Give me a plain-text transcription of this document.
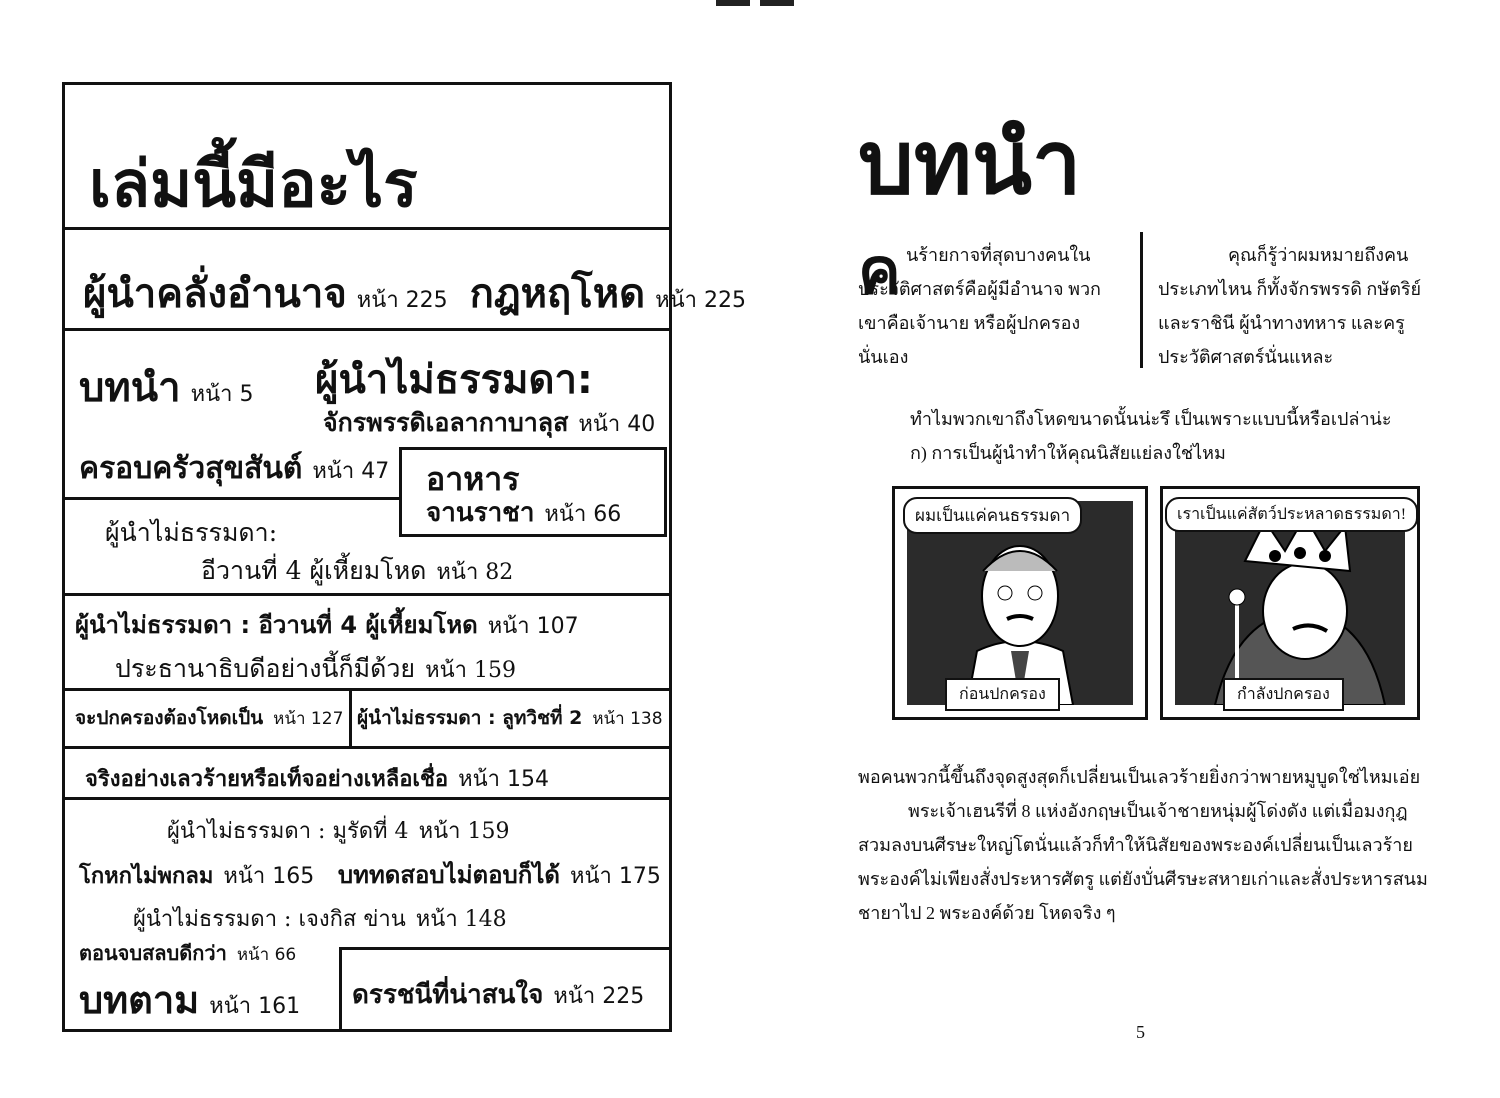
เล่มนี้มีอะไร
ผู้นำคลั่งอำนาจ หน้า 225 กฎหฤโหด หน้า 225
บทนำ หน้า 5 ผู้นำไม่ธรรมดา:
จักรพรรดิเอลากาบาลุส หน้า 40
ครอบครัวสุขสันต์ หน้า 47 อาหาร
จานราชา หน้า 66
ผู้นำไม่ธรรมดา:
อีวานที่ 4 ผู้เหี้ยมโหด หน้า 82
ผู้นำไม่ธรรมดา : อีวานที่ 4 ผู้เหี้ยมโหด หน้า 107
ประธานาธิบดีอย่างนี้ก็มีด้วย หน้า 159
จะปกครองต้องโหดเป็น หน้า 127 ผู้นำไม่ธรรมดา : ลูทวิชที่ 2 หน้า 138
จริงอย่างเลวร้ายหรือเท็จอย่างเหลือเชื่อ หน้า 154
ผู้นำไม่ธรรมดา : มูรัดที่ 4 หน้า 159
โกหกไม่พกลม หน้า 165 บททดสอบไม่ตอบก็ได้ หน้า 175
ผู้นำไม่ธรรมดา : เจงกิส ข่าน หน้า 148
ตอนจบสลบดีกว่า หน้า 66
บทตาม หน้า 161 ดรรชนีที่น่าสนใจ หน้า 225
บทนำ
ค นร้ายกาจที่สุดบางคนในประวัติศาสตร์คือผู้มีอำนาจ พวกเขาคือเจ้านาย หรือผู้ปกครองนั่นเอง
คุณก็รู้ว่าผมหมายถึงคนประเภทไหน ก็ทั้งจักรพรรดิ กษัตริย์ และราชินี ผู้นำทางทหาร และครูประวัติศาสตร์นั่นแหละ
ทำไมพวกเขาถึงโหดขนาดนั้นน่ะรึ เป็นเพราะแบบนี้หรือเปล่าน่ะ
ก) การเป็นผู้นำทำให้คุณนิสัยแย่ลงใช่ไหม
ผมเป็นแค่คนธรรมดา
ก่อนปกครอง
เราเป็นแค่สัตว์ประหลาดธรรมดา!
กำลังปกครอง
พอคนพวกนี้ขึ้นถึงจุดสูงสุดก็เปลี่ยนเป็นเลวร้ายยิ่งกว่าพายหมูบูดใช่ไหมเอ่ย
พระเจ้าเฮนรีที่ 8 แห่งอังกฤษเป็นเจ้าชายหนุ่มผู้โด่งดัง แต่เมื่อมงกุฎสวมลงบนศีรษะใหญ่โตนั่นแล้วก็ทำให้นิสัยของพระองค์เปลี่ยนเป็นเลวร้าย พระองค์ไม่เพียงสั่งประหารศัตรู แต่ยังบั่นศีรษะสหายเก่าและสั่งประหารสนมชายาไป 2 พระองค์ด้วย โหดจริง ๆ
5
